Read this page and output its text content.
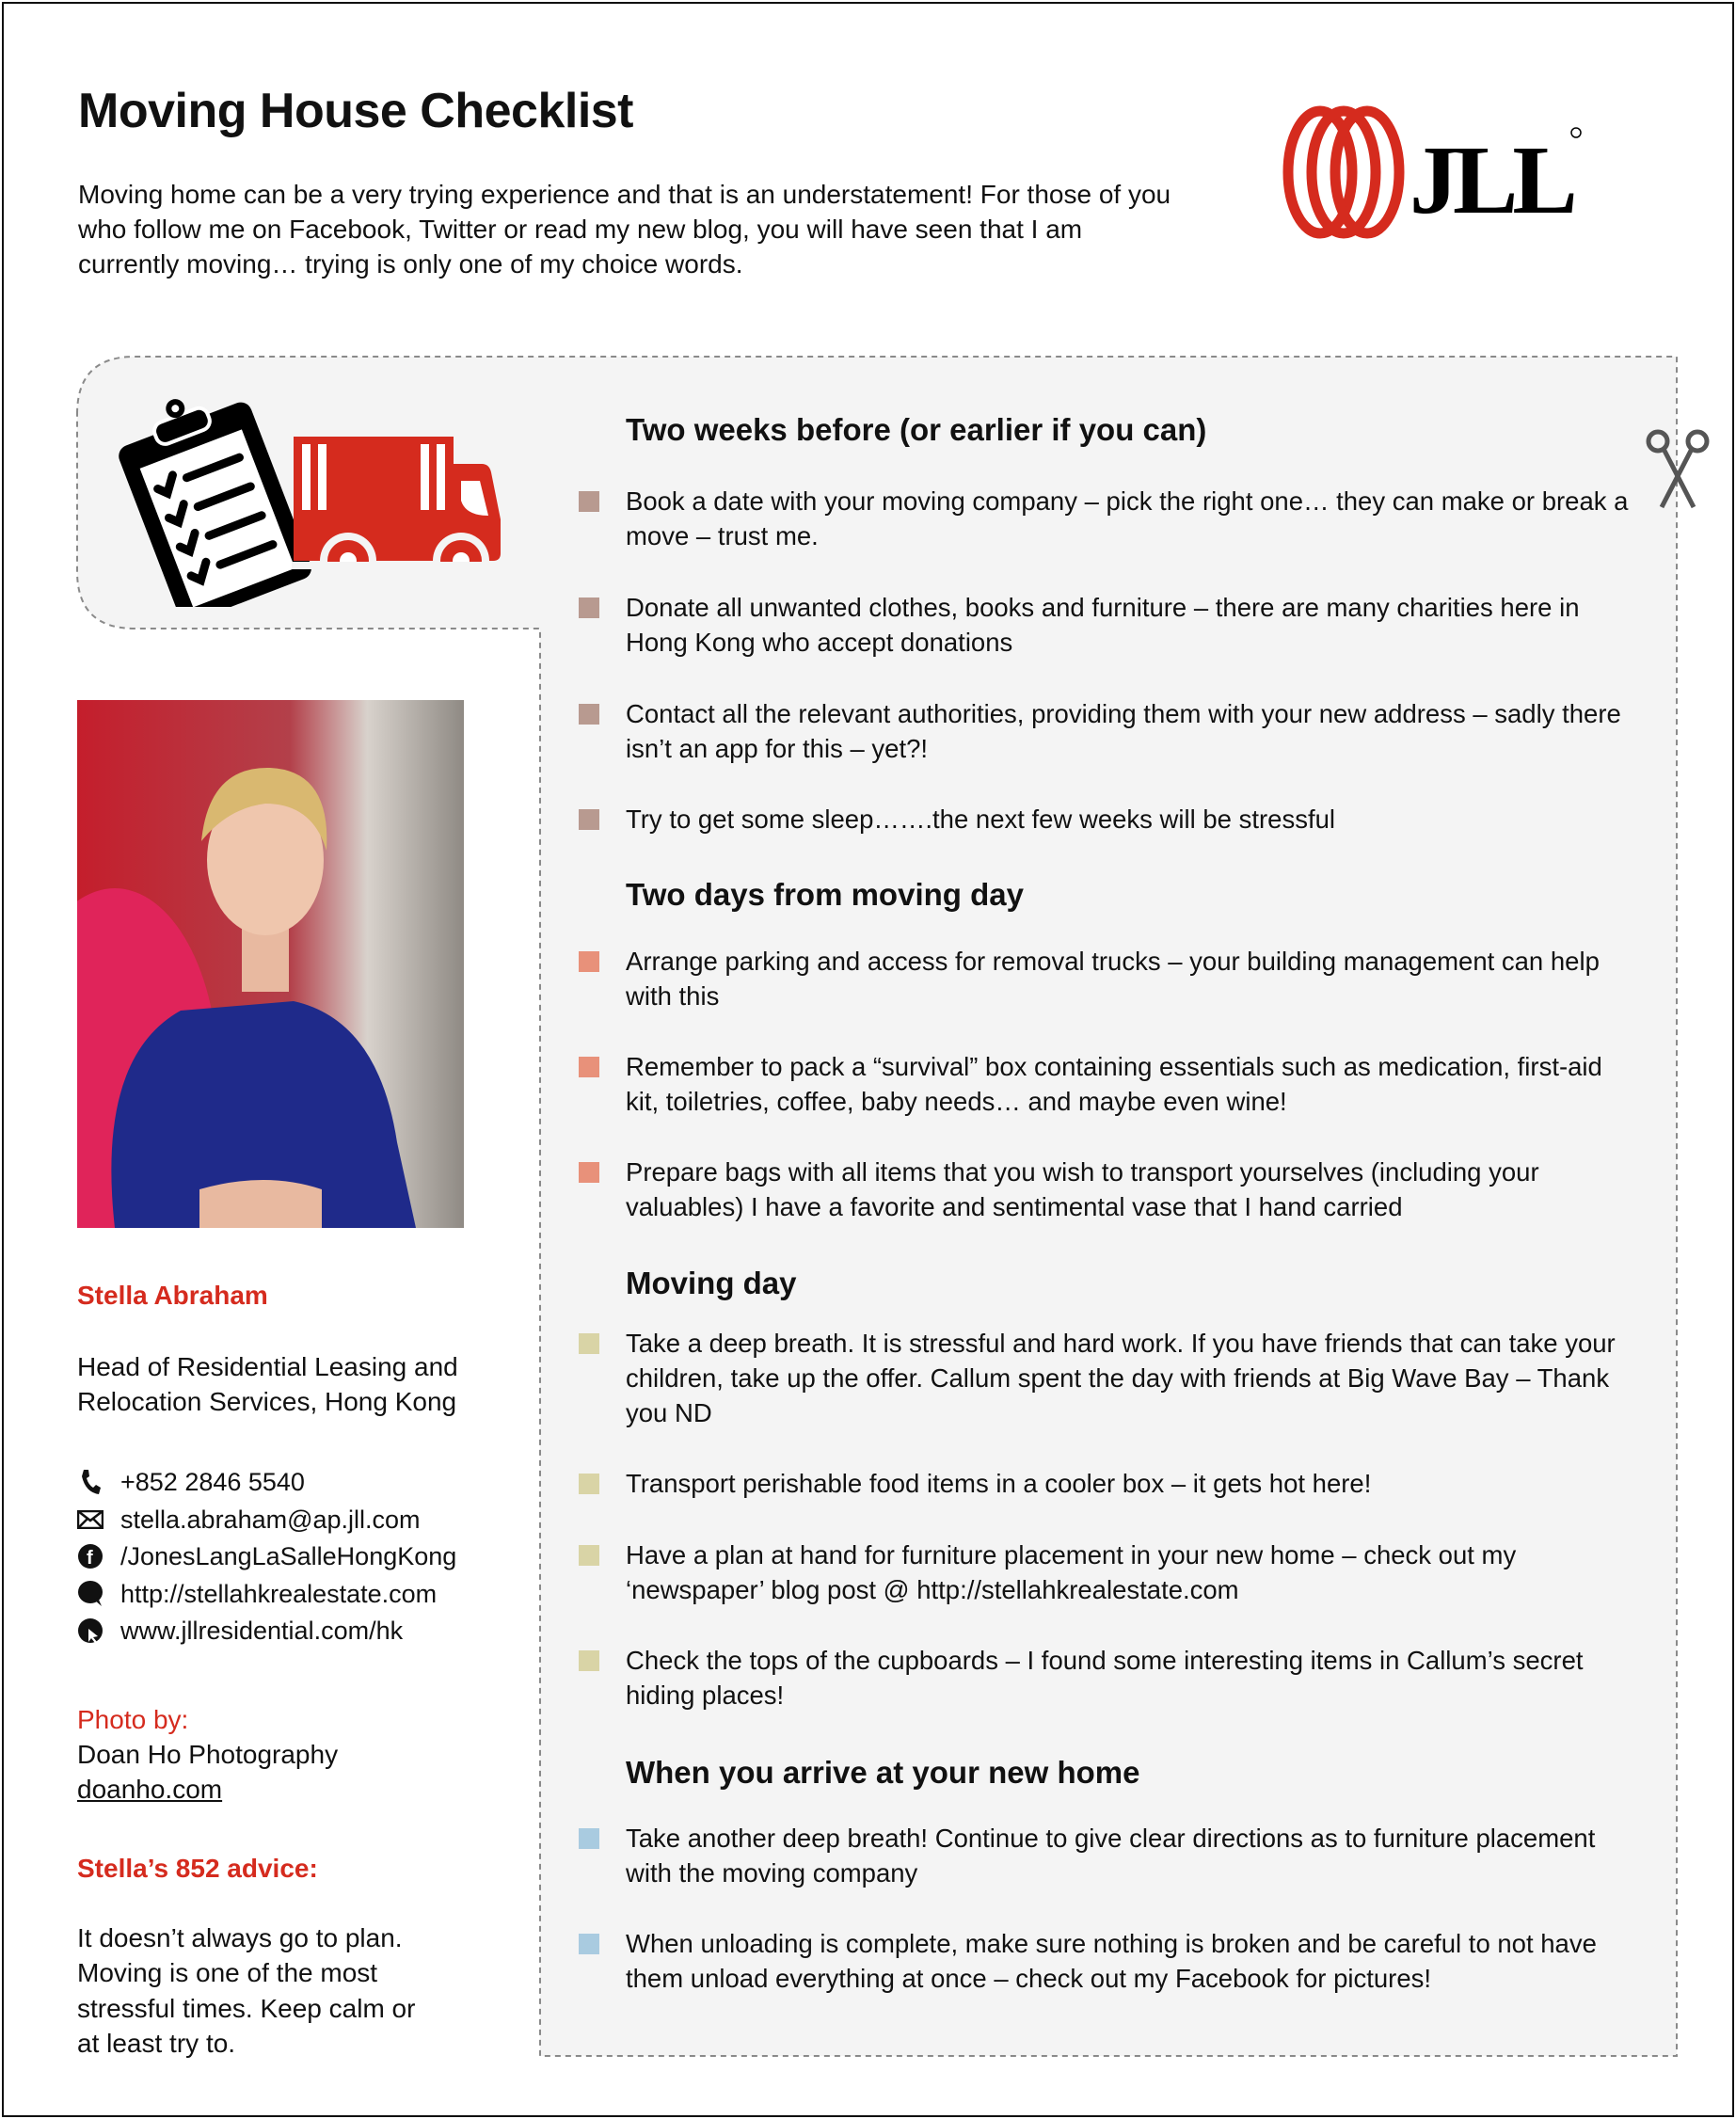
Moving House Checklist
Moving home can be a very trying experience and that is an understatement! For those of you who follow me on Facebook, Twitter or read my new blog, you will have seen that I am currently moving… trying is only one of my choice words.
JLL
Two weeks before (or earlier if you can)
Book a date with your moving company – pick the right one… they can make or break a move – trust me.
Donate all unwanted clothes, books and furniture – there are many charities here in Hong Kong who accept donations
Contact all the relevant authorities, providing them with your new address – sadly there isn’t an app for this – yet?!
Try to get some sleep…….the next few weeks will be stressful
Two days from moving day
Arrange parking and access for removal trucks – your building management can help with this
Remember to pack a “survival” box containing essentials such as medication, first-aid kit, toiletries, coffee, baby needs… and maybe even wine!
Prepare bags with all items that you wish to transport yourselves (including your valuables) I have a favorite and sentimental vase that I hand carried
Moving day
Take a deep breath. It is stressful and hard work. If you have friends that can take your children, take up the offer. Callum spent the day with friends at Big Wave Bay – Thank you ND
Transport perishable food items in a cooler box – it gets hot here!
Have a plan at hand for furniture placement in your new home – check out my ‘newspaper’ blog post @ http://stellahkrealestate.com
Check the tops of the cupboards – I found some interesting items in Callum’s secret hiding places!
When you arrive at your new home
Take another deep breath! Continue to give clear directions as to furniture placement with the moving company
When unloading is complete, make sure nothing is broken and be careful to not have them unload everything at once – check out my Facebook for pictures!
Stella Abraham
Head of Residential Leasing and
Relocation Services, Hong Kong
+852 2846 5540
stella.abraham@ap.jll.com
f /JonesLangLaSalleHongKong
http://stellahkrealestate.com
www.jllresidential.com/hk
Photo by:
Doan Ho Photography
doanho.com
Stella’s 852 advice:
It doesn’t always go to plan.
Moving is one of the most
stressful times. Keep calm or
at least try to.
